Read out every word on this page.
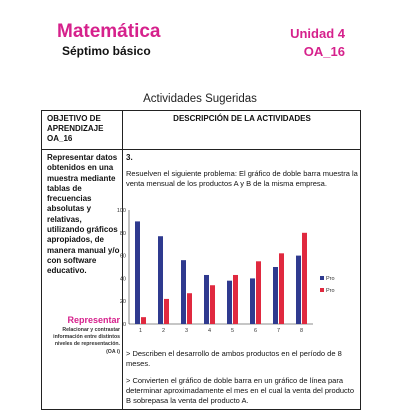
Matemática
Séptimo básico
Unidad 4
OA_16
Actividades Sugeridas
OBJETIVO DE APRENDIZAJE OA_16
DESCRIPCIÓN DE LA ACTIVIDADES
Representar datos obtenidos en una muestra mediante tablas de frecuencias absolutas y relativas, utilizando gráficos apropiados, de manera manual y/o con software educativo.
Representar
Relacionar y contrastar información entre distintos niveles de representación. (OA i)
3.
Resuelven el siguiente problema: El gráfico de doble barra muestra la venta mensual de los productos A y B de la misma empresa.
0
20
40
60
80
100
1	2	3	4	5	6	7	8
Pro
Pro
> Describen el desarrollo de ambos productos en el período de 8 meses.
> Convierten el gráfico de doble barra en un gráfico de línea para determinar aproximadamente el mes en el cual la venta del producto B sobrepasa la venta del producto A.
